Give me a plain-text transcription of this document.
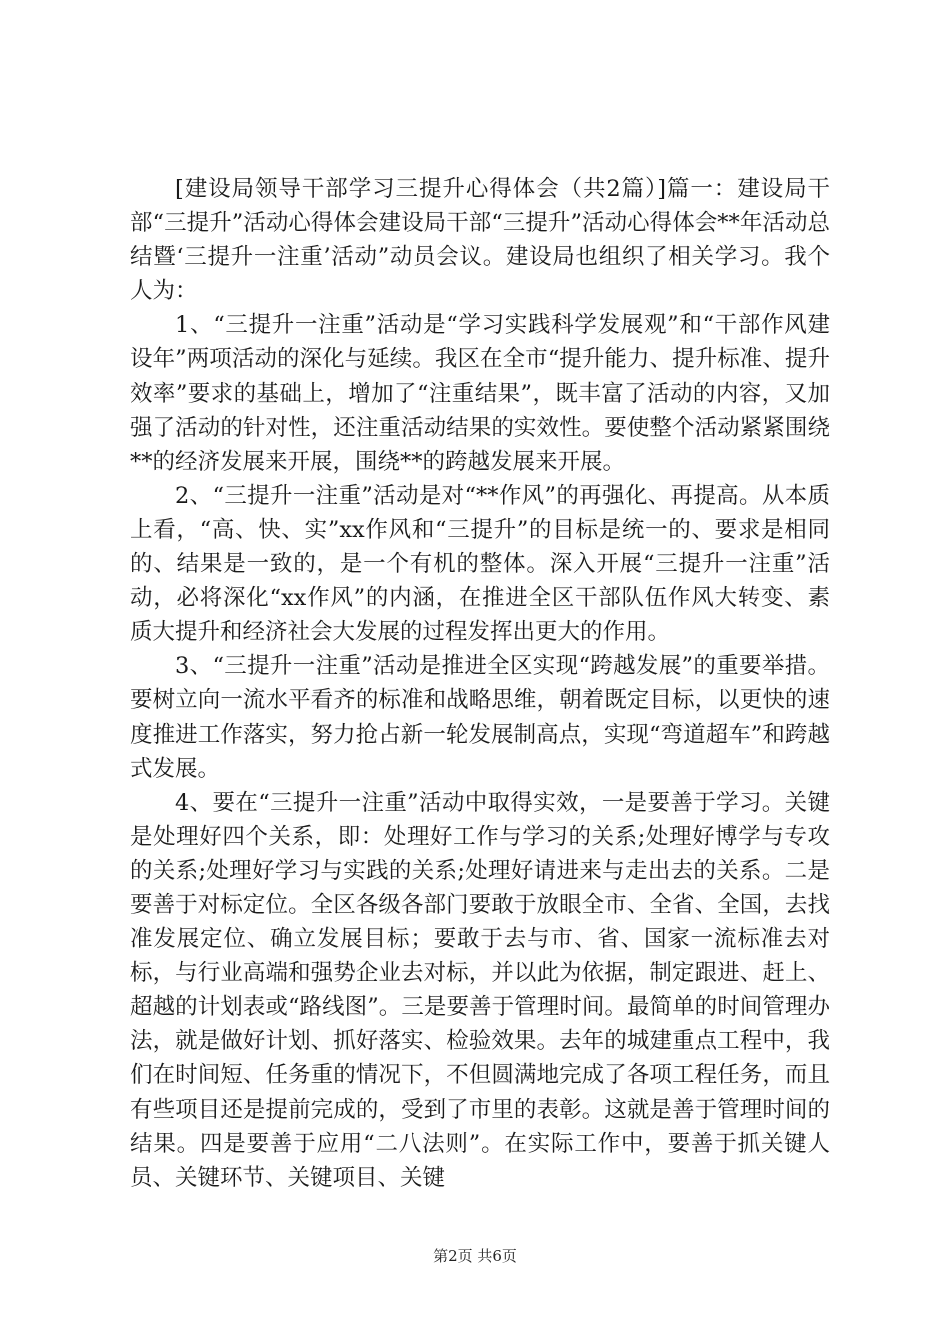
[建设局领导干部学习三提升心得体会（共2篇）]篇一：建设局干部“三提升”活动心得体会建设局干部“三提升”活动心得体会**年活动总结暨‘三提升一注重’活动”动员会议。建设局也组织了相关学习。我个人为：

1、“三提升一注重”活动是“学习实践科学发展观”和“干部作风建设年”两项活动的深化与延续。我区在全市“提升能力、提升标准、提升效率”要求的基础上，增加了“注重结果”，既丰富了活动的内容，又加强了活动的针对性，还注重活动结果的实效性。要使整个活动紧紧围绕**的经济发展来开展，围绕**的跨越发展来开展。

2、“三提升一注重”活动是对“**作风”的再强化、再提高。从本质上看，“高、快、实”xx作风和“三提升”的目标是统一的、要求是相同的、结果是一致的，是一个有机的整体。深入开展“三提升一注重”活动，必将深化“xx作风”的内涵，在推进全区干部队伍作风大转变、素质大提升和经济社会大发展的过程发挥出更大的作用。

3、“三提升一注重”活动是推进全区实现“跨越发展”的重要举措。要树立向一流水平看齐的标准和战略思维，朝着既定目标，以更快的速度推进工作落实，努力抢占新一轮发展制高点，实现“弯道超车”和跨越式发展。

4、要在“三提升一注重”活动中取得实效，一是要善于学习。关键是处理好四个关系，即：处理好工作与学习的关系;处理好博学与专攻的关系;处理好学习与实践的关系;处理好请进来与走出去的关系。二是要善于对标定位。全区各级各部门要敢于放眼全市、全省、全国，去找准发展定位、确立发展目标；要敢于去与市、省、国家一流标准去对标，与行业高端和强势企业去对标，并以此为依据，制定跟进、赶上、超越的计划表或“路线图”。三是要善于管理时间。最简单的时间管理办法，就是做好计划、抓好落实、检验效果。去年的城建重点工程中，我们在时间短、任务重的情况下，不但圆满地完成了各项工程任务，而且有些项目还是提前完成的，受到了市里的表彰。这就是善于管理时间的结果。四是要善于应用“二八法则”。在实际工作中，要善于抓关键人员、关键环节、关键项目、关键

第2页 共6页
